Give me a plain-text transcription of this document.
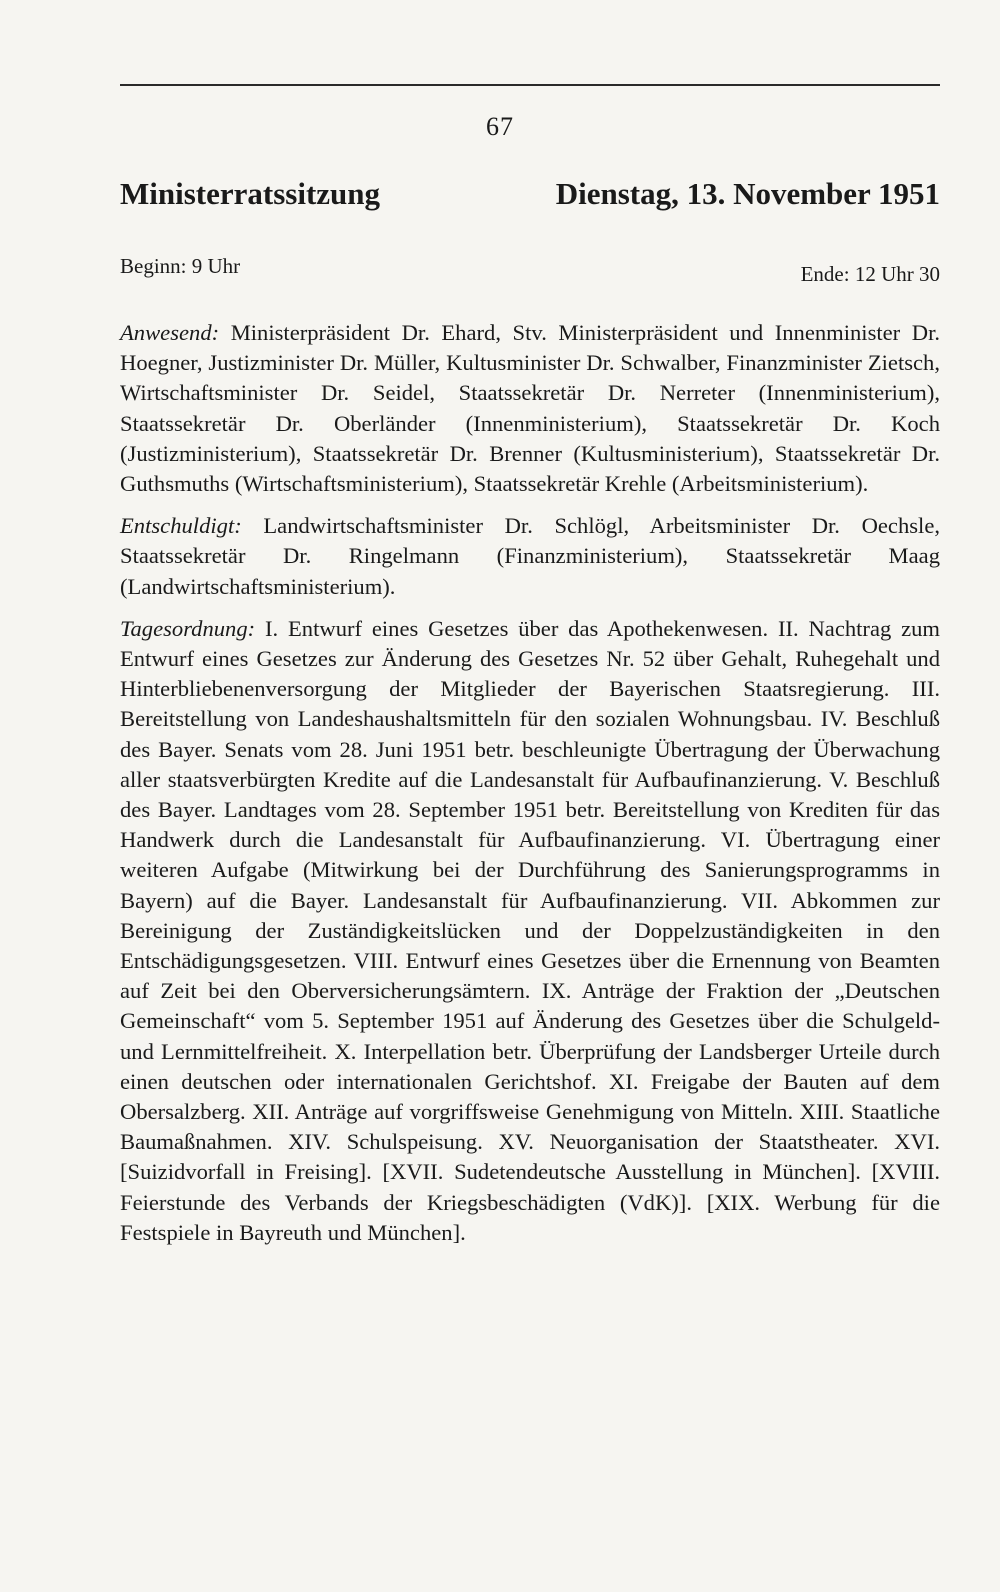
67
Ministerratssitzung	Dienstag, 13. November 1951
Beginn: 9 Uhr	Ende: 12 Uhr 30

Anwesend: Ministerpräsident Dr. Ehard, Stv. Ministerpräsident und Innenminister Dr. Hoegner, Justizminister Dr. Müller, Kultusminister Dr. Schwalber, Finanzminister Zietsch, Wirtschaftsminister Dr. Seidel, Staatssekretär Dr. Nerreter (Innenministerium), Staatssekretär Dr. Oberländer (Innenministerium), Staatssekretär Dr. Koch (Justizministerium), Staatssekretär Dr. Brenner (Kultusministerium), Staatssekretär Dr. Guthsmuths (Wirtschaftsministerium), Staatssekretär Krehle (Arbeitsministerium).

Entschuldigt: Landwirtschaftsminister Dr. Schlögl, Arbeitsminister Dr. Oechsle, Staatssekretär Dr. Ringelmann (Finanzministerium), Staatssekretär Maag (Landwirtschaftsministerium).

Tagesordnung: I. Entwurf eines Gesetzes über das Apothekenwesen. II. Nachtrag zum Entwurf eines Gesetzes zur Änderung des Gesetzes Nr. 52 über Gehalt, Ruhegehalt und Hinterbliebenenversorgung der Mitglieder der Bayerischen Staatsregierung. III. Bereitstellung von Landeshaushaltsmitteln für den sozialen Wohnungsbau. IV. Beschluß des Bayer. Senats vom 28. Juni 1951 betr. beschleunigte Übertragung der Überwachung aller staatsverbürgten Kredite auf die Landesanstalt für Aufbaufinanzierung. V. Beschluß des Bayer. Landtages vom 28. September 1951 betr. Bereitstellung von Krediten für das Handwerk durch die Landesanstalt für Aufbaufinanzierung. VI. Übertragung einer weiteren Aufgabe (Mitwirkung bei der Durchführung des Sanierungsprogramms in Bayern) auf die Bayer. Landesanstalt für Aufbaufinanzierung. VII. Abkommen zur Bereinigung der Zuständigkeitslücken und der Doppelzuständigkeiten in den Entschädigungsgesetzen. VIII. Entwurf eines Gesetzes über die Ernennung von Beamten auf Zeit bei den Oberversicherungsämtern. IX. Anträge der Fraktion der „Deutschen Gemeinschaft“ vom 5. September 1951 auf Änderung des Gesetzes über die Schulgeld- und Lernmittelfreiheit. X. Interpellation betr. Überprüfung der Landsberger Urteile durch einen deutschen oder internationalen Gerichtshof. XI. Freigabe der Bauten auf dem Obersalzberg. XII. Anträge auf vorgriffsweise Genehmigung von Mitteln. XIII. Staatliche Baumaßnahmen. XIV. Schulspeisung. XV. Neuorganisation der Staatstheater. XVI. [Suizidvorfall in Freising]. [XVII. Sudetendeutsche Ausstellung in München]. [XVIII. Feierstunde des Verbands der Kriegsbeschädigten (VdK)]. [XIX. Werbung für die Festspiele in Bayreuth und München].
